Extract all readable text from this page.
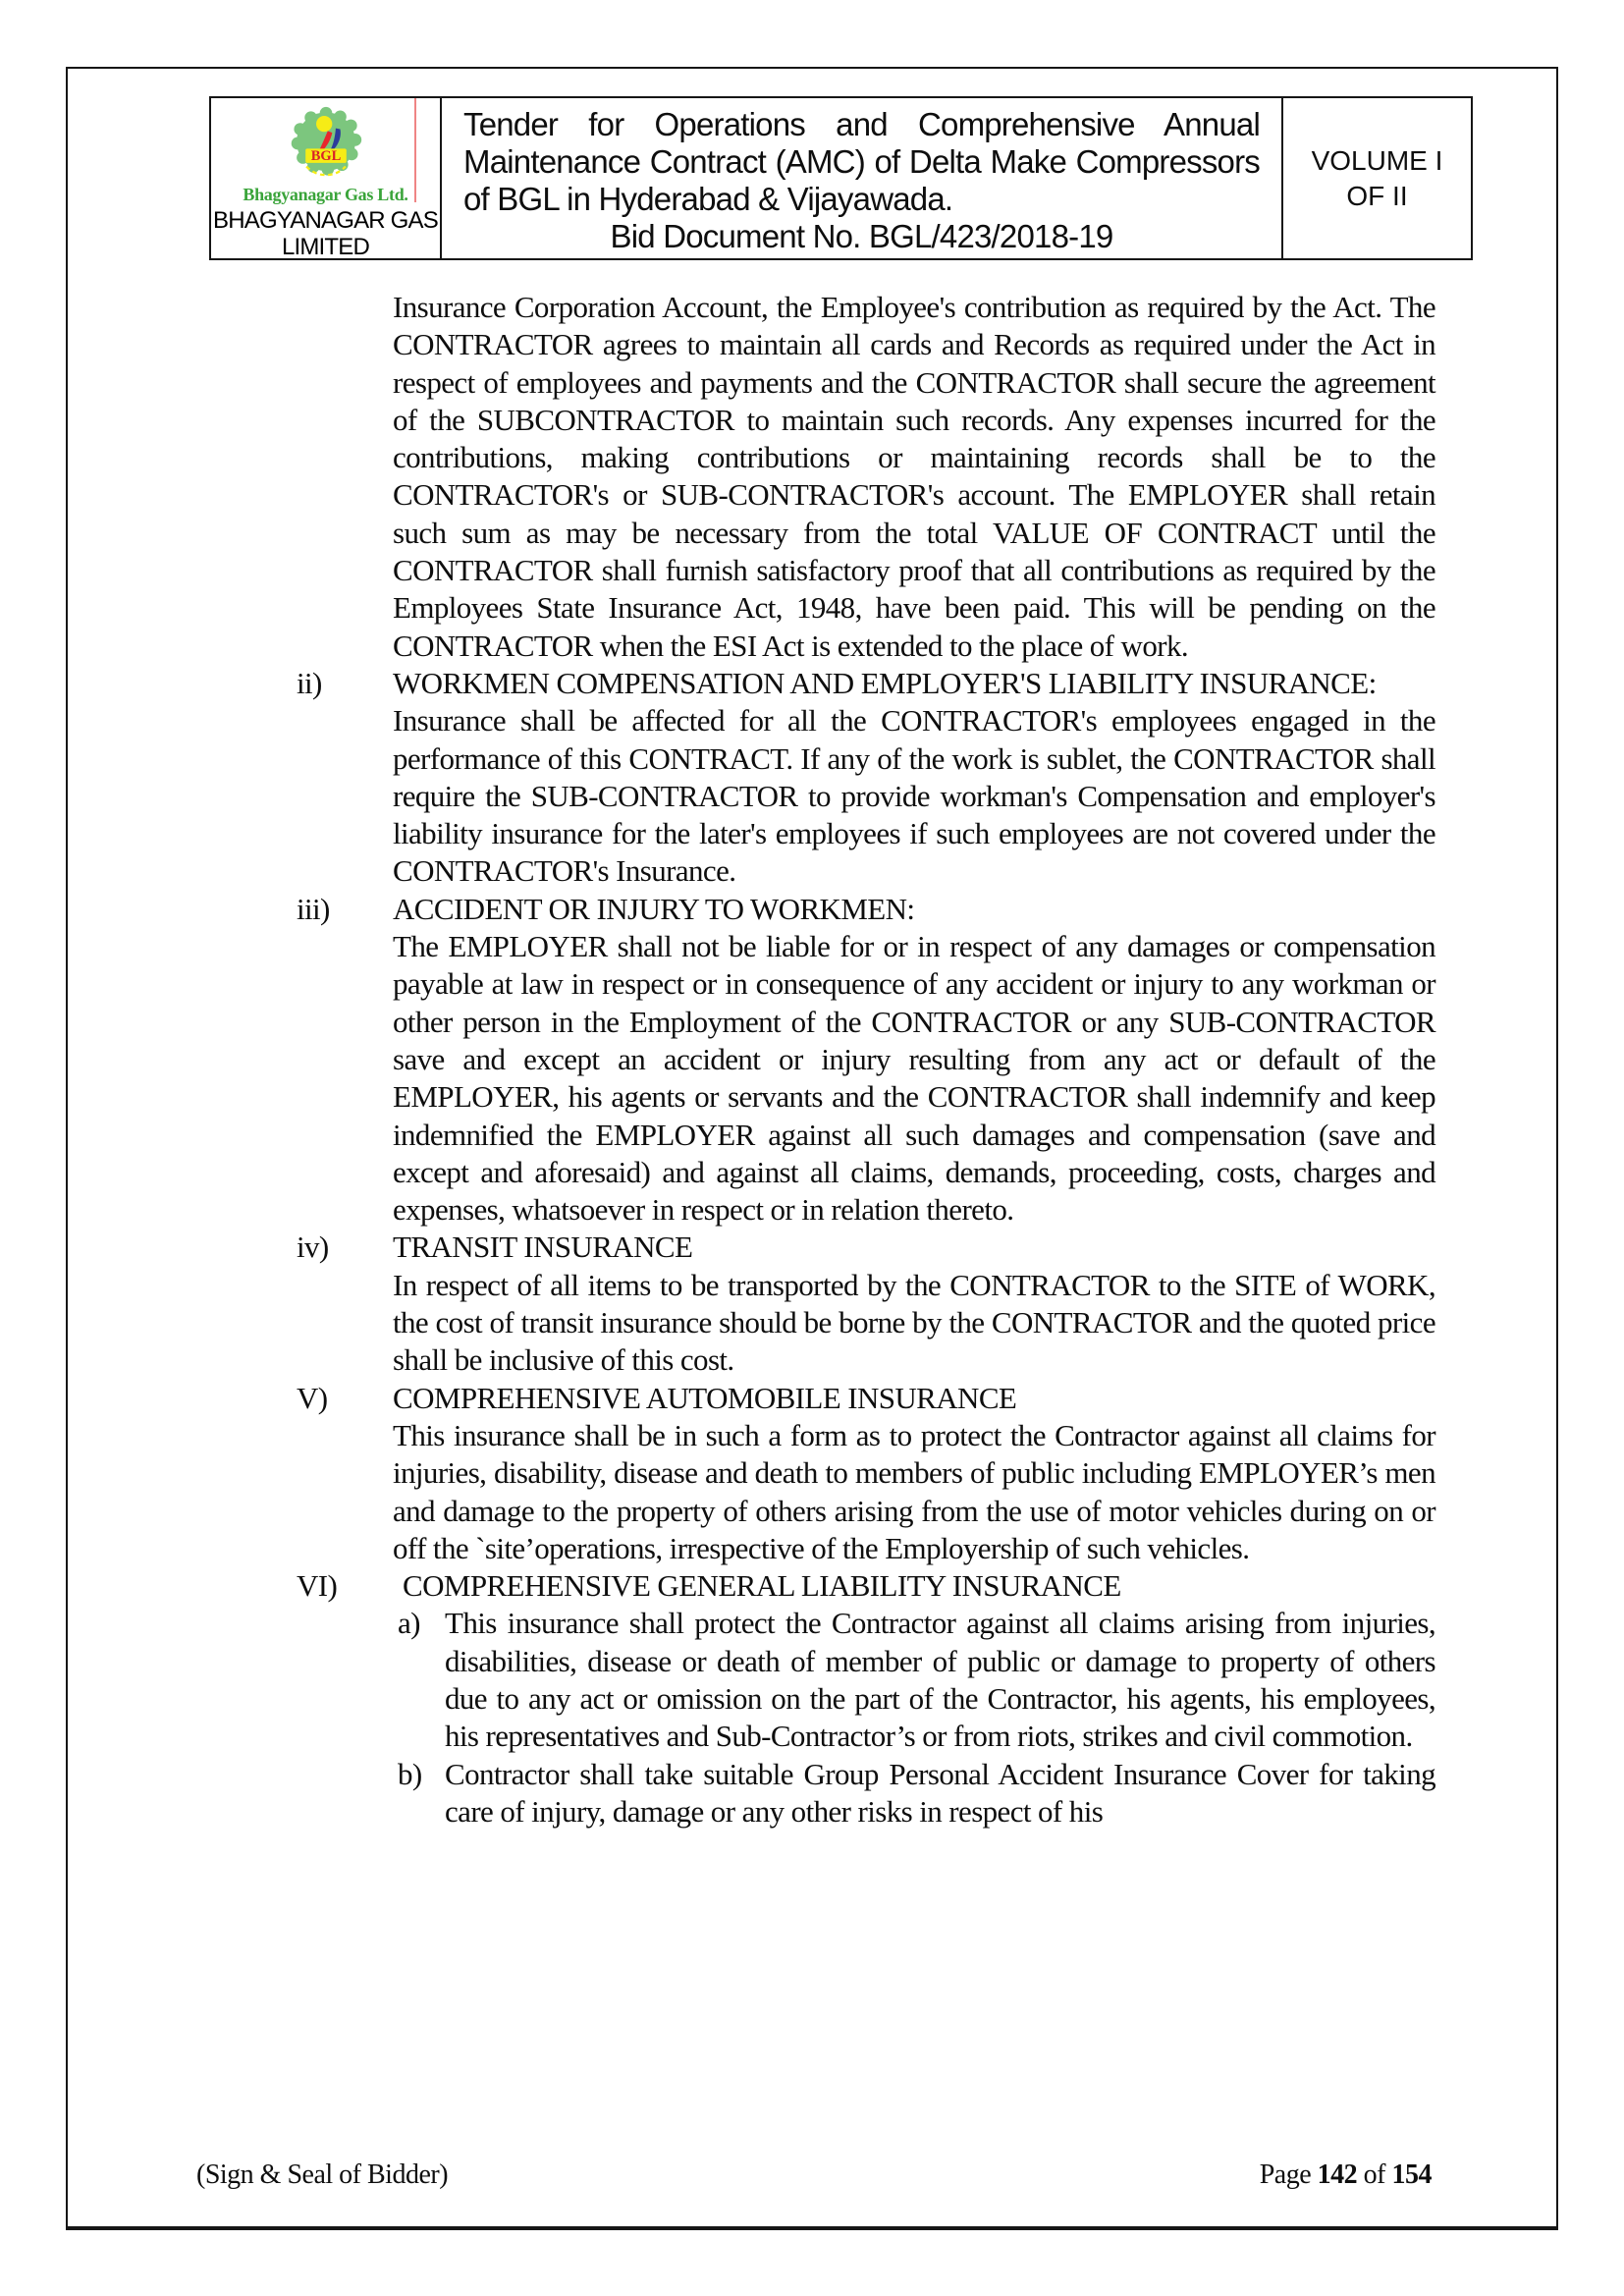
BGL
Bhagyanagar Gas Ltd.
BHAGYANAGAR GAS LIMITED
Tender for Operations and Comprehensive Annual Maintenance Contract (AMC) of Delta Make Compressors of BGL in Hyderabad & Vijayawada.
Bid Document No. BGL/423/2018-19
VOLUME I
OF II
Insurance Corporation Account, the Employee's contribution as required by the Act. The CONTRACTOR agrees to maintain all cards and Records as required under the Act in respect of employees and payments and the CONTRACTOR shall secure the agreement of the SUBCONTRACTOR to maintain such records. Any expenses incurred for the contributions, making contributions or maintaining records shall be to the CONTRACTOR's or SUB-CONTRACTOR's account. The EMPLOYER shall retain such sum as may be necessary from the total VALUE OF CONTRACT until the CONTRACTOR shall furnish satisfactory proof that all contributions as required by the Employees State Insurance Act, 1948, have been paid. This will be pending on the CONTRACTOR when the ESI Act is extended to the place of work.
ii)	WORKMEN COMPENSATION AND EMPLOYER'S LIABILITY INSURANCE:
Insurance shall be affected for all the CONTRACTOR's employees engaged in the performance of this CONTRACT. If any of the work is sublet, the CONTRACTOR shall require the SUB-CONTRACTOR to provide workman's Compensation and employer's liability insurance for the later's employees if such employees are not covered under the CONTRACTOR's Insurance.
iii)	ACCIDENT OR INJURY TO WORKMEN:
The EMPLOYER shall not be liable for or in respect of any damages or compensation payable at law in respect or in consequence of any accident or injury to any workman or other person in the Employment of the CONTRACTOR or any SUB-CONTRACTOR save and except an accident or injury resulting from any act or default of the EMPLOYER, his agents or servants and the CONTRACTOR shall indemnify and keep indemnified the EMPLOYER against all such damages and compensation (save and except and aforesaid) and against all claims, demands, proceeding, costs, charges and expenses, whatsoever in respect or in relation thereto.
iv)	TRANSIT INSURANCE
In respect of all items to be transported by the CONTRACTOR to the SITE of WORK, the cost of transit insurance should be borne by the CONTRACTOR and the quoted price shall be inclusive of this cost.
V)	COMPREHENSIVE AUTOMOBILE INSURANCE
This insurance shall be in such a form as to protect the Contractor against all claims for injuries, disability, disease and death to members of public including EMPLOYER’s men and damage to the property of others arising from the use of motor vehicles during on or off the `site’operations, irrespective of the Employership of such vehicles.
VI)	COMPREHENSIVE GENERAL LIABILITY INSURANCE
a) This insurance shall protect the Contractor against all claims arising from injuries, disabilities, disease or death of member of public or damage to property of others due to any act or omission on the part of the Contractor, his agents, his employees, his representatives and Sub-Contractor’s or from riots, strikes and civil commotion.
b) Contractor shall take suitable Group Personal Accident Insurance Cover for taking care of injury, damage or any other risks in respect of his
(Sign & Seal of Bidder)	Page 142 of 154
